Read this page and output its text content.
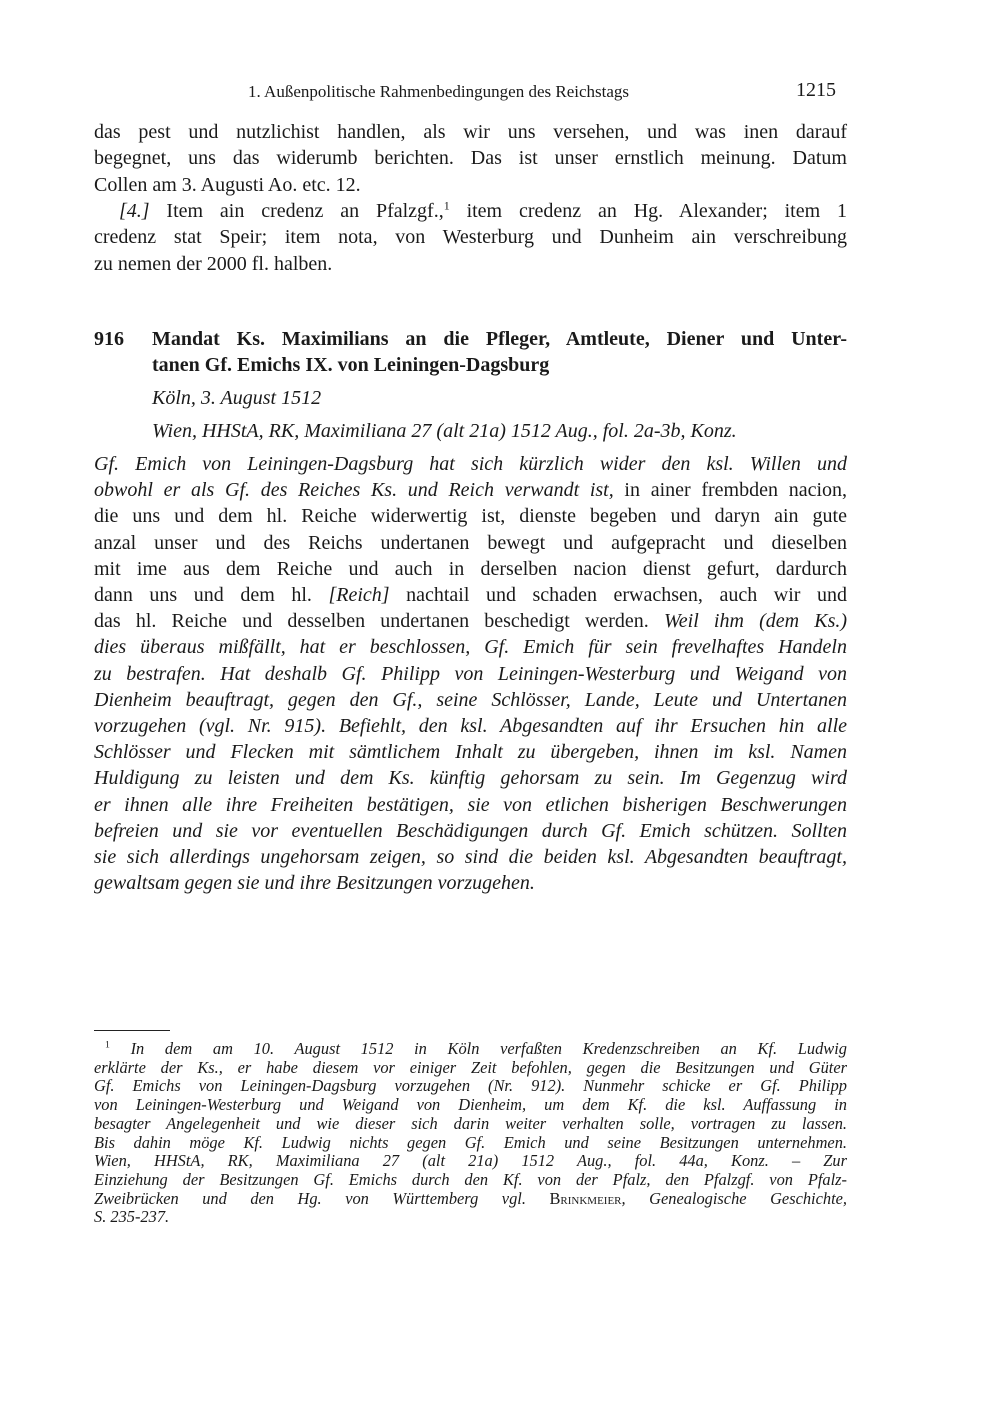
1. Außenpolitische Rahmenbedingungen des Reichstags	1215
das pest und nutzlichist handlen, als wir uns versehen, und was inen darauf
begegnet, uns das widerumb berichten. Das ist unser ernstlich meinung. Datum
Collen am 3. Augusti Ao. etc. 12.
[4.] Item ain credenz an Pfalzgf.,$^1$ item credenz an Hg. Alexander; item 1
credenz stat Speir; item nota, von Westerburg und Dunheim ain verschreibung
zu nemen der 2000 fl. halben.
916 Mandat Ks. Maximilians an die Pfleger, Amtleute, Diener und Unter-
tanen Gf. Emichs IX. von Leiningen-Dagsburg
Köln, 3. August 1512
Wien, HHStA, RK, Maximiliana 27 (alt 21a) 1512 Aug., fol. 2a-3b, Konz.
Gf. Emich von Leiningen-Dagsburg hat sich kürzlich wider den ksl. Willen und
obwohl er als Gf. des Reiches Ks. und Reich verwandt ist, in ainer frembden nacion,
die uns und dem hl. Reiche widerwertig ist, dienste begeben und daryn ain gute
anzal unser und des Reichs undertanen bewegt und aufgepracht und dieselben
mit ime aus dem Reiche und auch in derselben nacion dienst gefurt, dardurch
dann uns und dem hl. [Reich] nachtail und schaden erwachsen, auch wir und
das hl. Reiche und desselben undertanen beschedigt werden. Weil ihm (dem Ks.)
dies überaus mißfällt, hat er beschlossen, Gf. Emich für sein frevelhaftes Handeln
zu bestrafen. Hat deshalb Gf. Philipp von Leiningen-Westerburg und Weigand von
Dienheim beauftragt, gegen den Gf., seine Schlösser, Lande, Leute und Untertanen
vorzugehen (vgl. Nr. 915). Befiehlt, den ksl. Abgesandten auf ihr Ersuchen hin alle
Schlösser und Flecken mit sämtlichem Inhalt zu übergeben, ihnen im ksl. Namen
Huldigung zu leisten und dem Ks. künftig gehorsam zu sein. Im Gegenzug wird
er ihnen alle ihre Freiheiten bestätigen, sie von etlichen bisherigen Beschwerungen
befreien und sie vor eventuellen Beschädigungen durch Gf. Emich schützen. Sollten
sie sich allerdings ungehorsam zeigen, so sind die beiden ksl. Abgesandten beauftragt,
gewaltsam gegen sie und ihre Besitzungen vorzugehen.
$^1$ In dem am 10. August 1512 in Köln verfaßten Kredenzschreiben an Kf. Ludwig
erklärte der Ks., er habe diesem vor einiger Zeit befohlen, gegen die Besitzungen und Güter
Gf. Emichs von Leiningen-Dagsburg vorzugehen (Nr. 912). Nunmehr schicke er Gf. Philipp
von Leiningen-Westerburg und Weigand von Dienheim, um dem Kf. die ksl. Auffassung in
besagter Angelegenheit und wie dieser sich darin weiter verhalten solle, vortragen zu lassen.
Bis dahin möge Kf. Ludwig nichts gegen Gf. Emich und seine Besitzungen unternehmen.
Wien, HHStA, RK, Maximiliana 27 (alt 21a) 1512 Aug., fol. 44a, Konz. – Zur
Einziehung der Besitzungen Gf. Emichs durch den Kf. von der Pfalz, den Pfalzgf. von Pfalz-
Zweibrücken und den Hg. von Württemberg vgl. Brinkmeier, Genealogische Geschichte,
S. 235-237.
